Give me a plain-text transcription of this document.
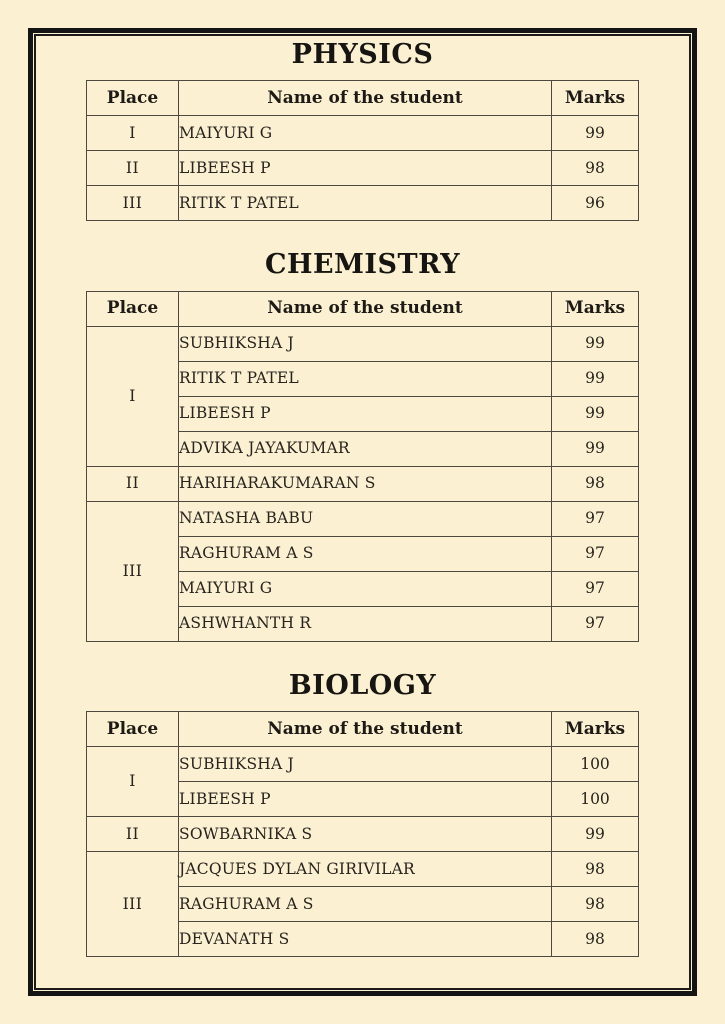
PHYSICS
Place	Name of the student	Marks
I	MAIYURI G	99
II	LIBEESH P	98
III	RITIK T PATEL	96
CHEMISTRY
Place	Name of the student	Marks
I	SUBHIKSHA J	99
	RITIK T PATEL	99
	LIBEESH P	99
	ADVIKA JAYAKUMAR	99
II	HARIHARAKUMARAN S	98
III	NATASHA BABU	97
	RAGHURAM A S	97
	MAIYURI G	97
	ASHWHANTH R	97
BIOLOGY
Place	Name of the student	Marks
I	SUBHIKSHA J	100
	LIBEESH P	100
II	SOWBARNIKA S	99
III	JACQUES DYLAN GIRIVILAR	98
	RAGHURAM A S	98
	DEVANATH S	98
